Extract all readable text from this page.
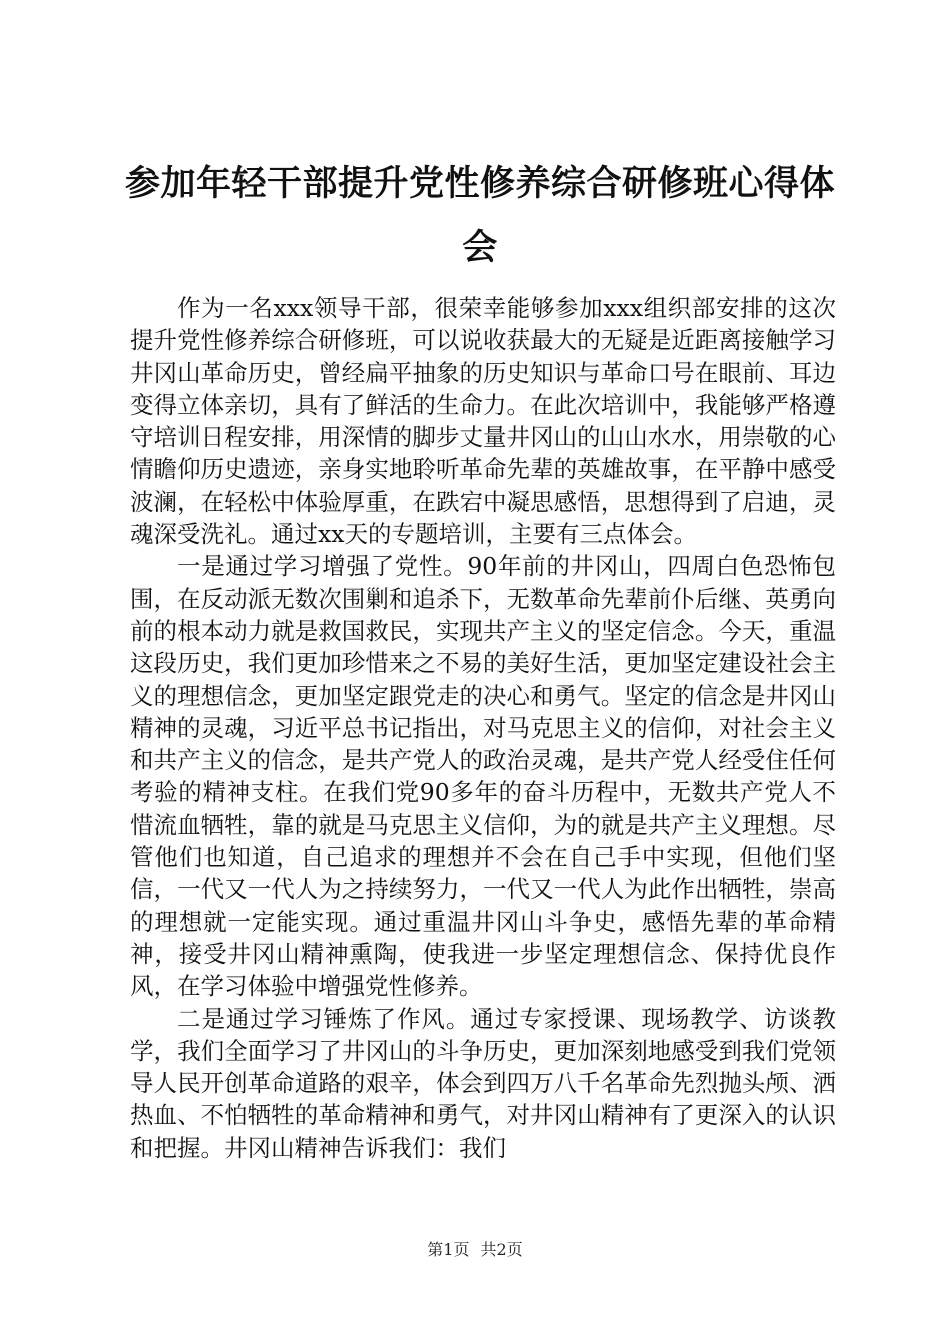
参加年轻干部提升党性修养综合研修班心得体会

作为一名xxx领导干部，很荣幸能够参加xxx组织部安排的这次提升党性修养综合研修班，可以说收获最大的无疑是近距离接触学习井冈山革命历史，曾经扁平抽象的历史知识与革命口号在眼前、耳边变得立体亲切，具有了鲜活的生命力。在此次培训中，我能够严格遵守培训日程安排，用深情的脚步丈量井冈山的山山水水，用崇敬的心情瞻仰历史遗迹，亲身实地聆听革命先辈的英雄故事，在平静中感受波澜，在轻松中体验厚重，在跌宕中凝思感悟，思想得到了启迪，灵魂深受洗礼。通过xx天的专题培训，主要有三点体会。

一是通过学习增强了党性。90年前的井冈山，四周白色恐怖包围，在反动派无数次围剿和追杀下，无数革命先辈前仆后继、英勇向前的根本动力就是救国救民，实现共产主义的坚定信念。今天，重温这段历史，我们更加珍惜来之不易的美好生活，更加坚定建设社会主义的理想信念，更加坚定跟党走的决心和勇气。坚定的信念是井冈山精神的灵魂，习近平总书记指出，对马克思主义的信仰，对社会主义和共产主义的信念，是共产党人的政治灵魂，是共产党人经受住任何考验的精神支柱。在我们党90多年的奋斗历程中，无数共产党人不惜流血牺牲，靠的就是马克思主义信仰，为的就是共产主义理想。尽管他们也知道，自己追求的理想并不会在自己手中实现，但他们坚信，一代又一代人为之持续努力，一代又一代人为此作出牺牲，崇高的理想就一定能实现。通过重温井冈山斗争史，感悟先辈的革命精神，接受井冈山精神熏陶，使我进一步坚定理想信念、保持优良作风，在学习体验中增强党性修养。

二是通过学习锤炼了作风。通过专家授课、现场教学、访谈教学，我们全面学习了井冈山的斗争历史，更加深刻地感受到我们党领导人民开创革命道路的艰辛，体会到四万八千名革命先烈抛头颅、洒热血、不怕牺牲的革命精神和勇气，对井冈山精神有了更深入的认识和把握。井冈山精神告诉我们：我们

第1页 共2页
